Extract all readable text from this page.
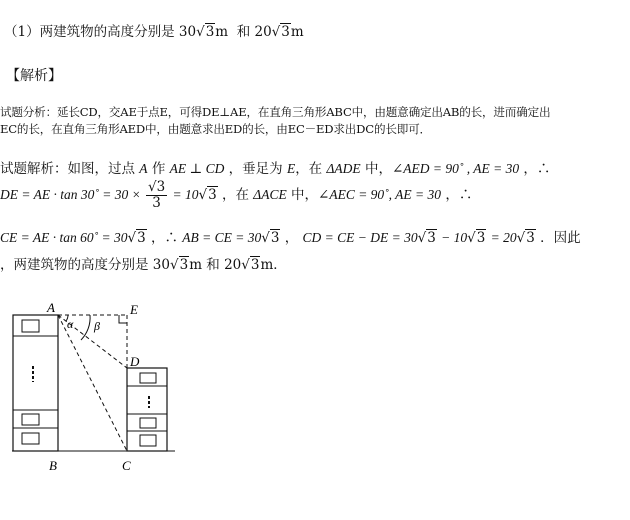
（1）两建筑物的高度分别是 30√3m 和 20√3m
【解析】
试题分析：延长CD，交AE于点E，可得DE⊥AE，在直角三角形ABC中，由题意确定出AB的长，进而确定出
EC的长，在直角三角形AED中，由题意求出ED的长，由EC－ED求出DC的长即可．
试题解析：如图，过点 A 作 AE ⊥ CD ，垂足为 E，在 ΔADE 中，∠AED = 90˚ , AE = 30 ，∴
DE = AE · tan 30˚ = $30 \times \frac{√3}{3} = 10√3$ ，在 ΔACE 中，∠AEC = 90˚, AE = 30 ，∴
CE = AE · tan 60˚ = 30√3 ，∴ AB = CE = 30√3 ， CD = CE − DE = 30√3 − 10√3 = 20√3 ．因此
，两建筑物的高度分别是 30√3m 和 20√3m．
A
B	C
D
E
α β
